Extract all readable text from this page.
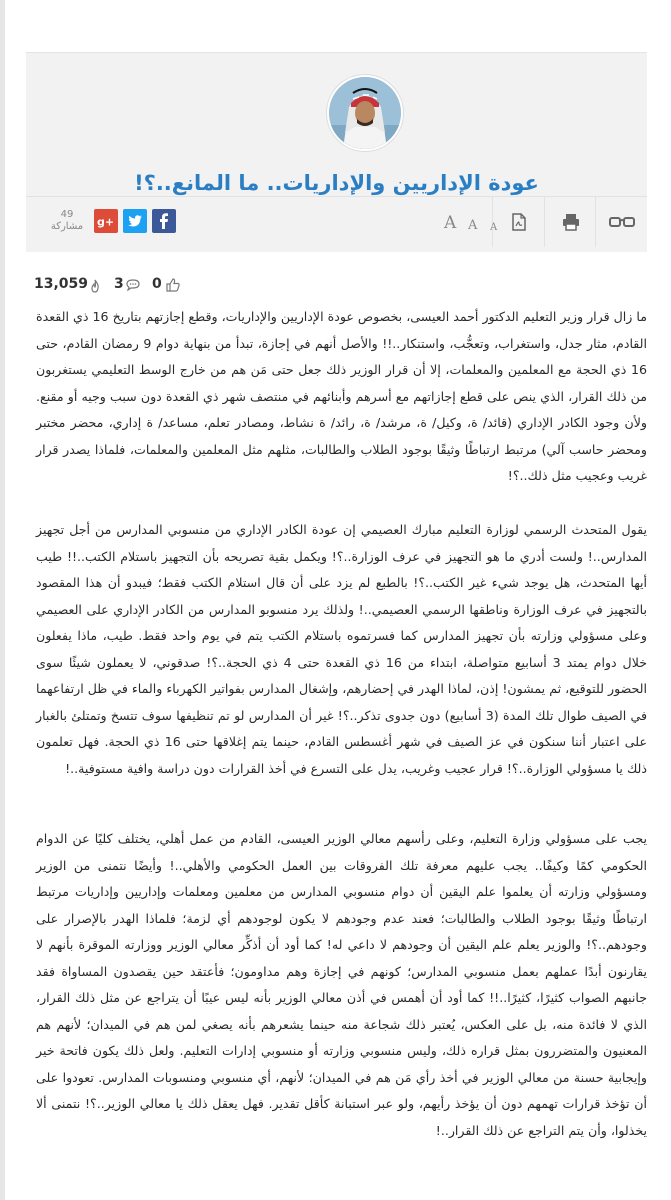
عودة الإداريين والإداريات.. ما المانع..؟!
A A A
g+
49
مشاركة
13,059 3 0

ما زال قرار وزير التعليم الدكتور أحمد العيسى، بخصوص عودة الإداريين والإداريات، وقطع إجازتهم بتاريخ 16 ذي القعدة القادم، مثار جدل، واستغراب، وتعجُّب، واستنكار..!! والأصل أنهم في إجازة، تبدأ من بنهاية دوام 9 رمضان القادم، حتى 16 ذي الحجة مع المعلمين والمعلمات، إلا أن قرار الوزير ذلك جعل حتى مَن هم من خارج الوسط التعليمي يستغربون من ذلك القرار، الذي ينص على قطع إجازاتهم مع أسرهم وأبنائهم في منتصف شهر ذي القعدة دون سبب وجيه أو مقنع. ولأن وجود الكادر الإداري (قائد/ ة، وكيل/ ة، مرشد/ ة، رائد/ ة نشاط، ومصادر تعلم، مساعد/ ة إداري، محضر مختبر ومحضر حاسب آلي) مرتبط ارتباطًا وثيقًا بوجود الطلاب والطالبات، مثلهم مثل المعلمين والمعلمات، فلماذا يصدر قرار غريب وعجيب مثل ذلك..؟!

يقول المتحدث الرسمي لوزارة التعليم مبارك العصيمي إن عودة الكادر الإداري من منسوبي المدارس من أجل تجهيز المدارس..! ولست أدري ما هو التجهيز في عرف الوزارة..؟! ويكمل بقية تصريحه بأن التجهيز باستلام الكتب..!! طيب أيها المتحدث، هل يوجد شيء غير الكتب..؟! بالطبع لم يزد على أن قال استلام الكتب فقط؛ فيبدو أن هذا المقصود بالتجهيز في عرف الوزارة وناطقها الرسمي العصيمي..! ولذلك يرد منسوبو المدارس من الكادر الإداري على العصيمي وعلى مسؤولي وزارته بأن تجهيز المدارس كما فسرتموه باستلام الكتب يتم في يوم واحد فقط. طيب، ماذا يفعلون خلال دوام يمتد 3 أسابيع متواصلة، ابتداء من 16 ذي القعدة حتى 4 ذي الحجة..؟! صدقوني، لا يعملون شيئًا سوى الحضور للتوقيع، ثم يمشون! إذن، لماذا الهدر في إحضارهم، وإشغال المدارس بفواتير الكهرباء والماء في ظل ارتفاعهما في الصيف طوال تلك المدة (3 أسابيع) دون جدوى تذكر..؟! غير أن المدارس لو تم تنظيفها سوف تتسخ وتمتلئ بالغبار على اعتبار أننا سنكون في عز الصيف في شهر أغسطس القادم، حينما يتم إغلاقها حتى 16 ذي الحجة. فهل تعلمون ذلك يا مسؤولي الوزارة..؟! قرار عجيب وغريب، يدل على التسرع في أخذ القرارات دون دراسة وافية مستوفية..!

يجب على مسؤولي وزارة التعليم، وعلى رأسهم معالي الوزير العيسى، القادم من عمل أهلي، يختلف كليًا عن الدوام الحكومي كمًا وكيفًا.. يجب عليهم معرفة تلك الفروقات بين العمل الحكومي والأهلي..! وأيضًا نتمنى من الوزير ومسؤولي وزارته أن يعلموا علم اليقين أن دوام منسوبي المدارس من معلمين ومعلمات وإداريين وإداريات مرتبط ارتباطًا وثيقًا بوجود الطلاب والطالبات؛ فعند عدم وجودهم لا يكون لوجودهم أي لزمة؛ فلماذا الهدر بالإصرار على وجودهم..؟! والوزير يعلم علم اليقين أن وجودهم لا داعي له! كما أود أن أذكِّر معالي الوزير ووزارته الموقرة بأنهم لا يقارنون أبدًا عملهم بعمل منسوبي المدارس؛ كونهم في إجازة وهم مداومون؛ فأعتقد حين يقصدون المساواة فقد جانبهم الصواب كثيرًا، كثيرًا..!! كما أود أن أهمس في أذن معالي الوزير بأنه ليس عيبًا أن يتراجع عن مثل ذلك القرار، الذي لا فائدة منه، بل على العكس، يُعتبر ذلك شجاعة منه حينما يشعرهم بأنه يصغي لمن هم في الميدان؛ لأنهم هم المعنيون والمتضررون بمثل قراره ذلك، وليس منسوبي وزارته أو منسوبي إدارات التعليم. ولعل ذلك يكون فاتحة خير وإيجابية حسنة من معالي الوزير في أخذ رأي مَن هم في الميدان؛ لأنهم، أي منسوبي ومنسوبات المدارس. تعودوا على أن تؤخذ قرارات تهمهم دون أن يؤخذ رأيهم، ولو عبر استبانة كأقل تقدير. فهل يعقل ذلك يا معالي الوزير..؟! نتمنى ألا يخذلوا، وأن يتم التراجع عن ذلك القرار..!
